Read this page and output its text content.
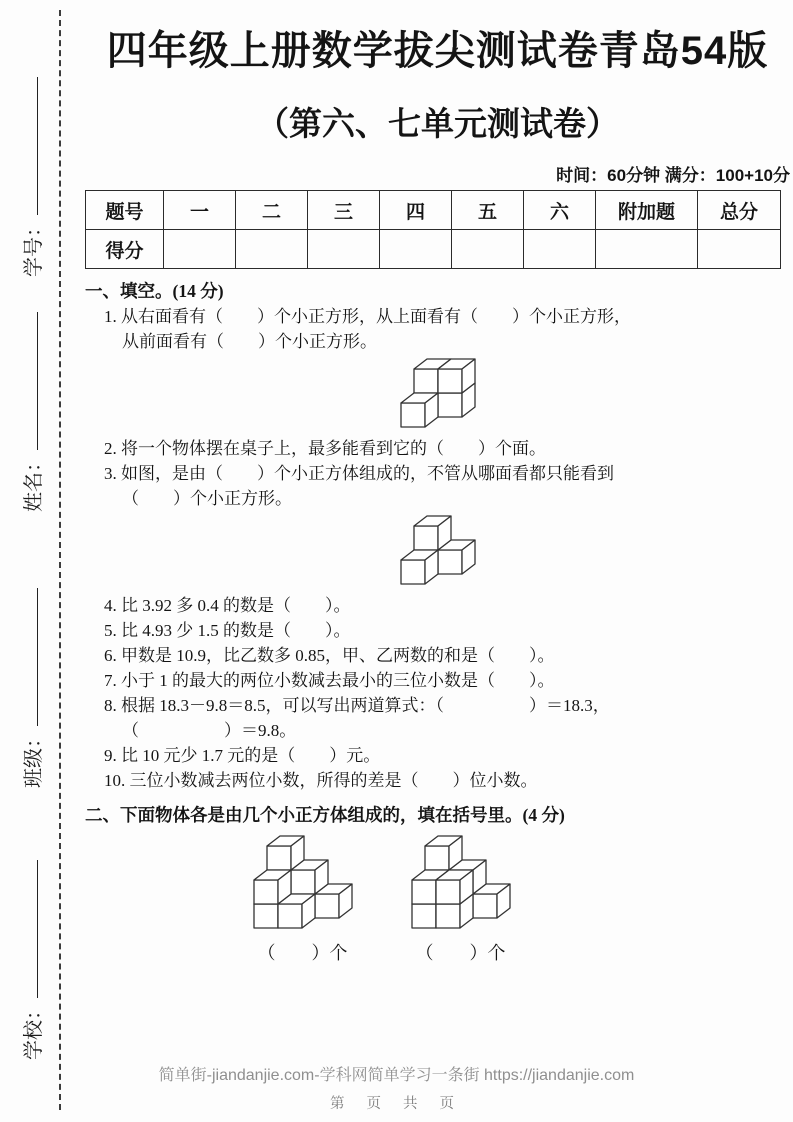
学号：
姓名：
班级：
学校：
四年级上册数学拔尖测试卷青岛54版
（第六、七单元测试卷）
时间：60分钟 满分：100+10分
题号	一	二	三	四	五	六	附加题	总分
得分								
一、填空。(14 分)
1. 从右面看有（　　）个小正方形，从上面看有（　　）个小正方形，
从前面看有（　　）个小正方形。
2. 将一个物体摆在桌子上，最多能看到它的（　　）个面。
3. 如图，是由（　　）个小正方体组成的，不管从哪面看都只能看到
（　　）个小正方形。
4. 比 3.92 多 0.4 的数是（　　）。
5. 比 4.93 少 1.5 的数是（　　）。
6. 甲数是 10.9，比乙数多 0.85，甲、乙两数的和是（　　）。
7. 小于 1 的最大的两位小数减去最小的三位小数是（　　）。
8. 根据 18.3－9.8＝8.5，可以写出两道算式：（　　　　　）＝18.3，
（　　　　　）＝9.8。
9. 比 10 元少 1.7 元的是（　　）元。
10. 三位小数减去两位小数，所得的差是（　　）位小数。
二、下面物体各是由几个小正方体组成的，填在括号里。(4 分)
（　　）个	（　　）个
简单街-jiandanjie.com-学科网简单学习一条街 https://jiandanjie.com
第 页 共 页
